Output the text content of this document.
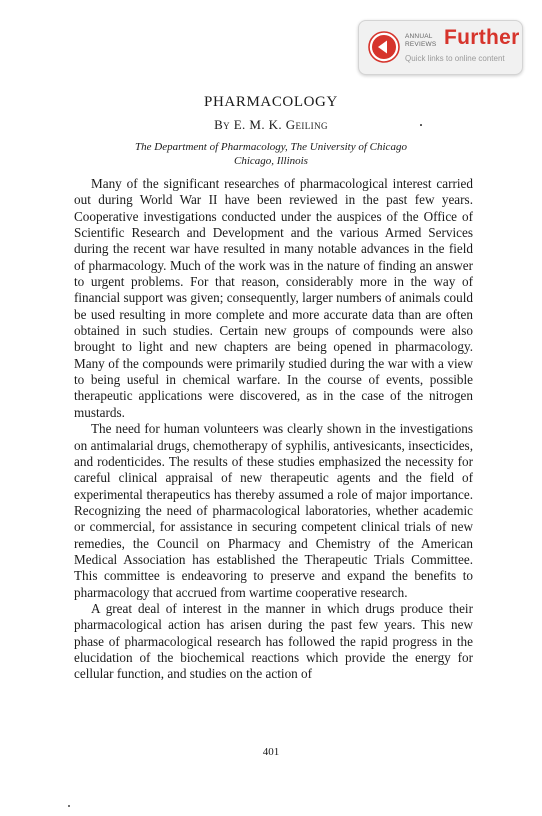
ANNUAL
REVIEWS Further
Quick links to online content
PHARMACOLOGY
By E. M. K. Geiling
The Department of Pharmacology, The University of Chicago
Chicago, Illinois

Many of the significant researches of pharmacological interest carried out during World War II have been reviewed in the past few years. Cooperative investigations conducted under the auspices of the Office of Scientific Research and Development and the various Armed Services during the recent war have resulted in many notable advances in the field of pharmacology. Much of the work was in the nature of finding an answer to urgent problems. For that reason, considerably more in the way of financial support was given; consequently, larger numbers of animals could be used resulting in more complete and more accurate data than are often obtained in such studies. Certain new groups of compounds were also brought to light and new chapters are being opened in pharmacology. Many of the compounds were primarily studied during the war with a view to being useful in chemical warfare. In the course of events, possible therapeutic applications were discovered, as in the case of the nitrogen mustards.

The need for human volunteers was clearly shown in the investigations on antimalarial drugs, chemotherapy of syphilis, antivesicants, insecticides, and rodenticides. The results of these studies emphasized the necessity for careful clinical appraisal of new therapeutic agents and the field of experimental therapeutics has thereby assumed a role of major importance. Recognizing the need of pharmacological laboratories, whether academic or commercial, for assistance in securing competent clinical trials of new remedies, the Council on Pharmacy and Chemistry of the American Medical Association has established the Therapeutic Trials Committee. This committee is endeavoring to preserve and expand the benefits to pharmacology that accrued from wartime cooperative research.

A great deal of interest in the manner in which drugs produce their pharmacological action has arisen during the past few years. This new phase of pharmacological research has followed the rapid progress in the elucidation of the biochemical reactions which provide the energy for cellular function, and studies on the action of

401
